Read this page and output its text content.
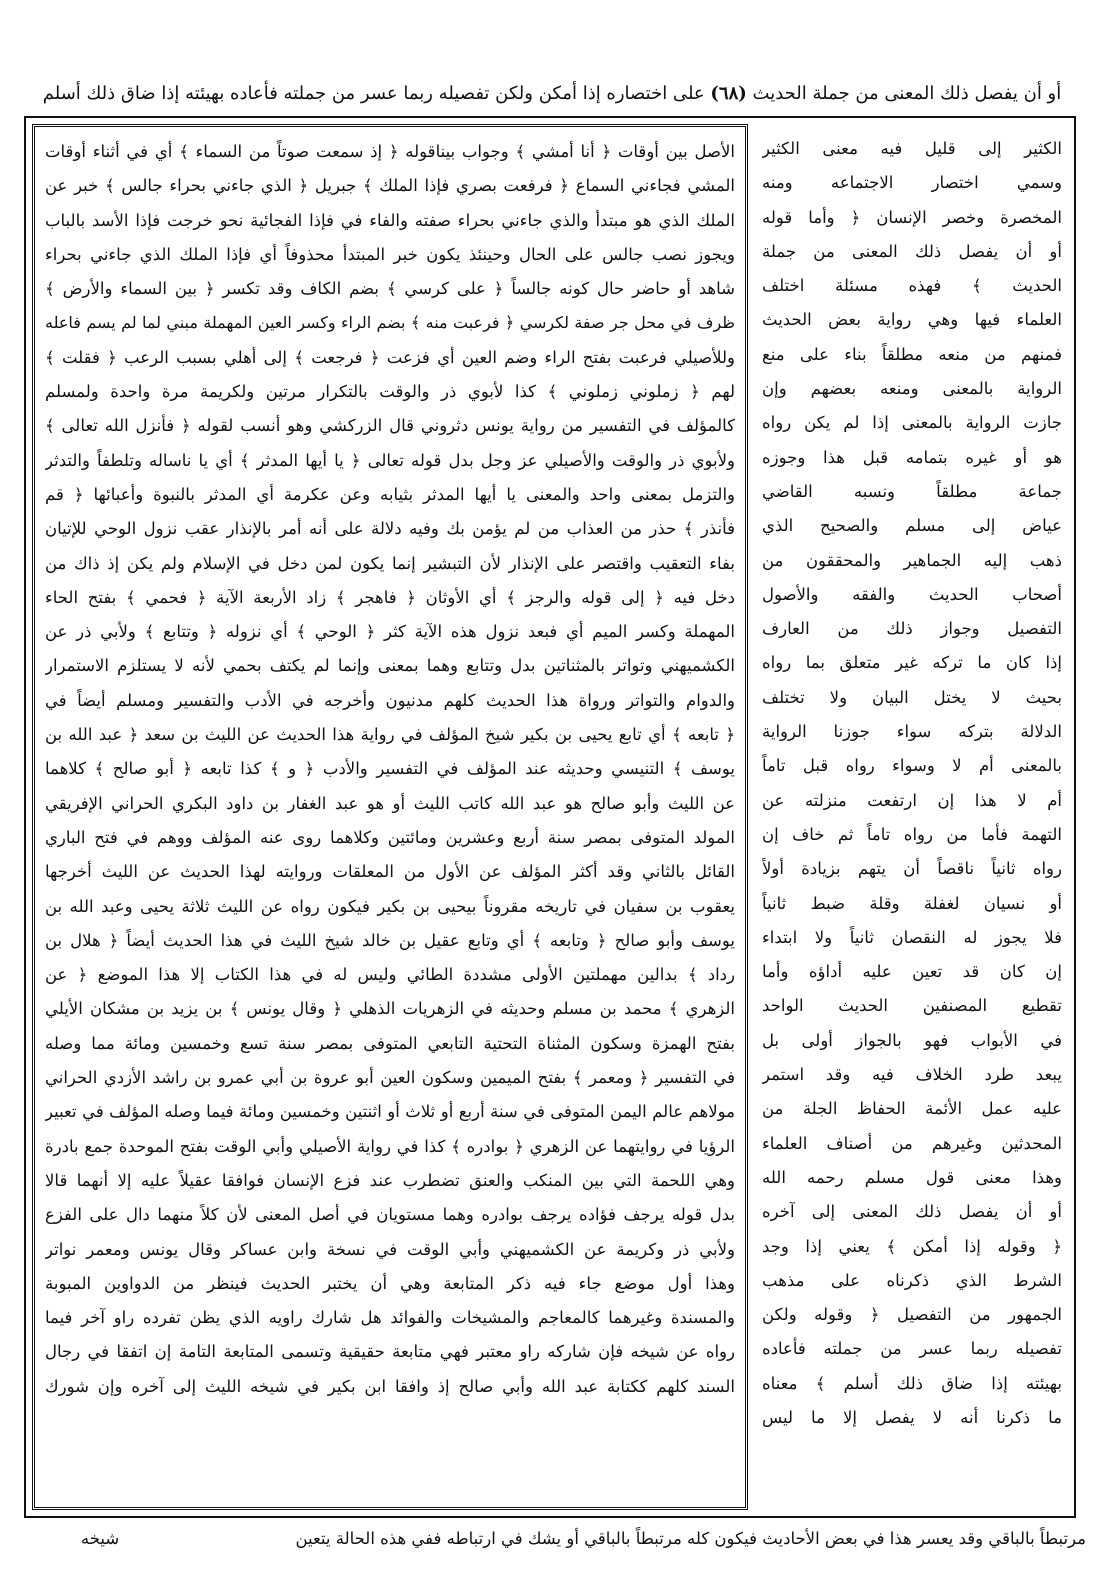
أو أن يفصل ذلك المعنى من جملة الحديث (٦٨) على اختصاره إذا أمكن ولكن تفصيله ربما عسر من جملته فأعاده بهيئته إذا ضاق ذلك أسلم
الأصل بين أوقات ﴿ أنا أمشي ﴾ وجواب بيناقوله ﴿ إذ سمعت صوتاً من السماء ﴾ أي في أثناء أوقات
المشي فجاءني السماع ﴿ فرفعت بصري فإذا الملك ﴾ جبريل ﴿ الذي جاءني بحراء جالس ﴾ خبر عن
الملك الذي هو مبتدأ والذي جاءني بحراء صفته والفاء في فإذا الفجائية نحو خرجت فإذا الأسد بالباب
ويجوز نصب جالس على الحال وحينئذ يكون خبر المبتدأ محذوفاً أي فإذا الملك الذي جاءني بحراء
شاهد أو حاضر حال كونه جالساً ﴿ على كرسي ﴾ بضم الكاف وقد تكسر ﴿ بين السماء والأرض ﴾
ظرف في محل جر صفة لكرسي ﴿ فرعبت منه ﴾ بضم الراء وكسر العين المهملة مبني لما لم يسم فاعله
وللأصيلي فرعبت بفتح الراء وضم العين أي فزعت ﴿ فرجعت ﴾ إلى أهلي بسبب الرعب ﴿ فقلت ﴾
لهم ﴿ زملوني زملوني ﴾ كذا لأبوي ذر والوقت بالتكرار مرتين ولكريمة مرة واحدة ولمسلم
كالمؤلف في التفسير من رواية يونس دثروني قال الزركشي وهو أنسب لقوله ﴿ فأنزل الله تعالى ﴾
ولأبوي ذر والوقت والأصيلي عز وجل بدل قوله تعالى ﴿ يا أيها المدثر ﴾ أي يا ناساله وتلطفاً والتدثر
والتزمل بمعنى واحد والمعنى يا أيها المدثر بثيابه وعن عكرمة أي المدثر بالنبوة وأعبائها ﴿ قم
فأنذر ﴾ حذر من العذاب من لم يؤمن بك وفيه دلالة على أنه أمر بالإنذار عقب نزول الوحي للإتيان
بفاء التعقيب واقتصر على الإنذار لأن التبشير إنما يكون لمن دخل في الإسلام ولم يكن إذ ذاك من
دخل فيه ﴿ إلى قوله والرجز ﴾ أي الأوثان ﴿ فاهجر ﴾ زاد الأربعة الآية ﴿ فحمي ﴾ بفتح الحاء
المهملة وكسر الميم أي فبعد نزول هذه الآية كثر ﴿ الوحي ﴾ أي نزوله ﴿ وتتابع ﴾ ولأبي ذر عن
الكشميهني وتواتر بالمثناتين بدل وتتابع وهما بمعنى وإنما لم يكتف بحمي لأنه لا يستلزم الاستمرار
والدوام والتواتر ورواة هذا الحديث كلهم مدنيون وأخرجه في الأدب والتفسير ومسلم أيضاً في
﴿ تابعه ﴾ أي تابع يحيى بن بكير شيخ المؤلف في رواية هذا الحديث عن الليث بن سعد ﴿ عبد الله بن
يوسف ﴾ التنيسي وحديثه عند المؤلف في التفسير والأدب ﴿ و ﴾ كذا تابعه ﴿ أبو صالح ﴾ كلاهما
عن الليث وأبو صالح هو عبد الله كاتب الليث أو هو عبد الغفار بن داود البكري الحراني الإفريقي
المولد المتوفى بمصر سنة أربع وعشرين ومائتين وكلاهما روى عنه المؤلف ووهم في فتح الباري
القائل بالثاني وقد أكثر المؤلف عن الأول من المعلقات وروايته لهذا الحديث عن الليث أخرجها
يعقوب بن سفيان في تاريخه مقروناً بيحيى بن بكير فيكون رواه عن الليث ثلاثة يحيى وعبد الله بن
يوسف وأبو صالح ﴿ وتابعه ﴾ أي وتابع عقيل بن خالد شيخ الليث في هذا الحديث أيضاً ﴿ هلال بن
رداد ﴾ بدالين مهملتين الأولى مشددة الطائي وليس له في هذا الكتاب إلا هذا الموضع ﴿ عن
الزهري ﴾ محمد بن مسلم وحديثه في الزهريات الذهلي ﴿ وقال يونس ﴾ بن يزيد بن مشكان الأيلي
بفتح الهمزة وسكون المثناة التحتية التابعي المتوفى بمصر سنة تسع وخمسين ومائة مما وصله
في التفسير ﴿ ومعمر ﴾ بفتح الميمين وسكون العين أبو عروة بن أبي عمرو بن راشد الأزدي الحراني
مولاهم عالم اليمن المتوفى في سنة أربع أو ثلاث أو اثنتين وخمسين ومائة فيما وصله المؤلف في تعبير
الرؤيا في روايتهما عن الزهري ﴿ بوادره ﴾ كذا في رواية الأصيلي وأبي الوقت بفتح الموحدة جمع بادرة
وهي اللحمة التي بين المنكب والعنق تضطرب عند فزع الإنسان فوافقا عقيلاً عليه إلا أنهما قالا
بدل قوله يرجف فؤاده يرجف بوادره وهما مستويان في أصل المعنى لأن كلاً منهما دال على الفزع
ولأبي ذر وكريمة عن الكشميهني وأبي الوقت في نسخة وابن عساكر وقال يونس ومعمر نواتر
وهذا أول موضع جاء فيه ذكر المتابعة وهي أن يختبر الحديث فينظر من الدواوين المبوبة
والمسندة وغيرهما كالمعاجم والمشيخات والفوائد هل شارك راويه الذي يظن تفرده راو آخر فيما
رواه عن شيخه فإن شاركه راو معتبر فهي متابعة حقيقية وتسمى المتابعة التامة إن اتفقا في رجال
السند كلهم ككتابة عبد الله وأبي صالح إذ وافقا ابن بكير في شيخه الليث إلى آخره وإن شورك
الكثير إلى قليل فيه معنى الكثير
وسمي اختصار الاجتماعه ومنه
المخصرة وخصر الإنسان ﴿ وأما قوله
أو أن يفصل ذلك المعنى من جملة
الحديث ﴾ فهذه مسئلة اختلف
العلماء فيها وهي رواية بعض الحديث
فمنهم من منعه مطلقاً بناء على منع
الرواية بالمعنى ومنعه بعضهم وإن
جازت الرواية بالمعنى إذا لم يكن رواه
هو أو غيره بتمامه قبل هذا وجوزه
جماعة مطلقاً ونسبه القاضي
عياض إلى مسلم والصحيح الذي
ذهب إليه الجماهير والمحققون من
أصحاب الحديث والفقه والأصول
التفصيل وجواز ذلك من العارف
إذا كان ما تركه غير متعلق بما رواه
بحيث لا يختل البيان ولا تختلف
الدلالة بتركه سواء جوزنا الرواية
بالمعنى أم لا وسواء رواه قبل تاماً
أم لا هذا إن ارتفعت منزلته عن
التهمة فأما من رواه تاماً ثم خاف إن
رواه ثانياً ناقصاً أن يتهم بزيادة أولاً
أو نسيان لغفلة وقلة ضبط ثانياً
فلا يجوز له النقصان ثانياً ولا ابتداء
إن كان قد تعين عليه أداؤه وأما
تقطيع المصنفين الحديث الواحد
في الأبواب فهو بالجواز أولى بل
يبعد طرد الخلاف فيه وقد استمر
عليه عمل الأئمة الحفاظ الجلة من
المحدثين وغيرهم من أصناف العلماء
وهذا معنى قول مسلم رحمه الله
أو أن يفصل ذلك المعنى إلى آخره
﴿ وقوله إذا أمكن ﴾ يعني إذا وجد
الشرط الذي ذكرناه على مذهب
الجمهور من التفصيل ﴿ وقوله ولكن
تفصيله ربما عسر من جملته فأعاده
بهيئته إذا ضاق ذلك أسلم ﴾ معناه
ما ذكرنا أنه لا يفصل إلا ما ليس
مرتبطاً بالباقي وقد يعسر هذا في بعض الأحاديث فيكون كله مرتبطاً بالباقي أو يشك في ارتباطه ففي هذه الحالة يتعين
شيخه
